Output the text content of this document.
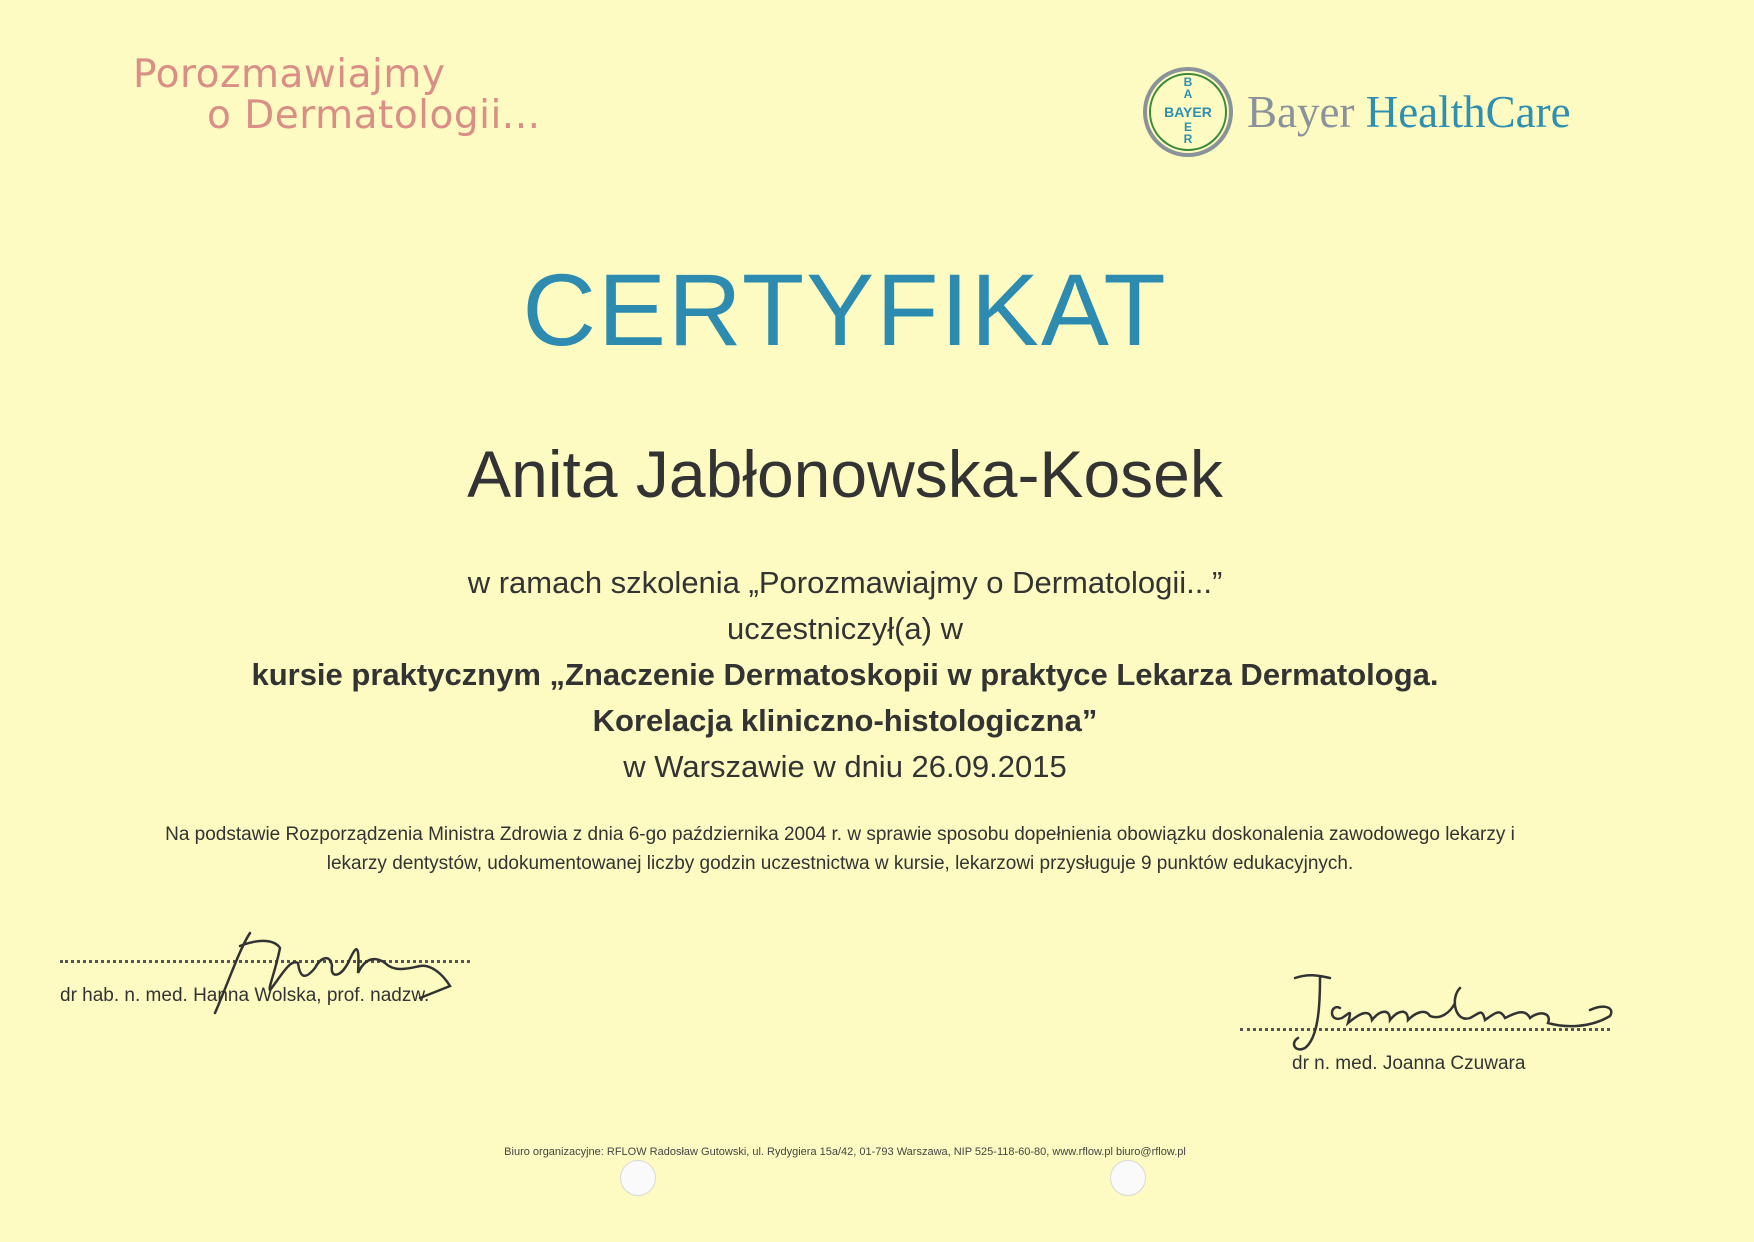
Porozmawiajmy
o Dermatologii...	BAYER
B
A
E
R
Bayer HealthCare
CERTYFIKAT
Anita Jabłonowska-Kosek
w ramach szkolenia „Porozmawiajmy o Dermatologii...”
uczestniczył(a) w
kursie praktycznym „Znaczenie Dermatoskopii w praktyce Lekarza Dermatologa.
Korelacja kliniczno-histologiczna”
w Warszawie w dniu 26.09.2015
Na podstawie Rozporządzenia Ministra Zdrowia z dnia 6-go października 2004 r. w sprawie sposobu dopełnienia obowiązku doskonalenia zawodowego lekarzy i
lekarzy dentystów, udokumentowanej liczby godzin uczestnictwa w kursie, lekarzowi przysługuje 9 punktów edukacyjnych.
dr hab. n. med. Hanna Wolska, prof. nadzw.
dr n. med. Joanna Czuwara
Biuro organizacyjne: RFLOW Radosław Gutowski, ul. Rydygiera 15a/42, 01-793 Warszawa, NIP 525-118-60-80, www.rflow.pl biuro@rflow.pl
